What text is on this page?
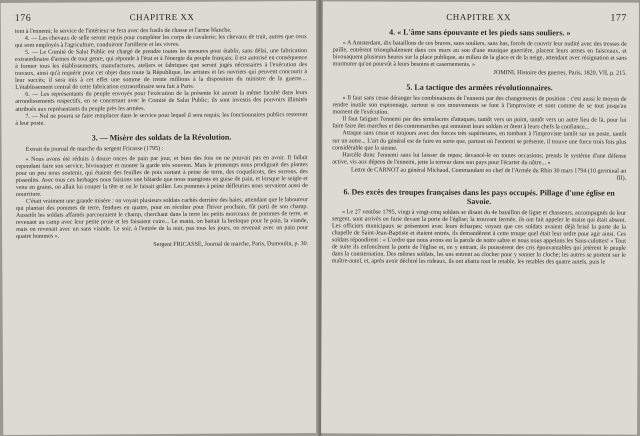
176	CHAPITRE XX

tont à l'ennemi; le service de l'intérieur se fera avec des fusils de chasse et l'arme blanche.

4. — Les chevaux de selle seront requis pour compléter les corps de cavalerie; les chevaux de trait, autres que ceux qui sont employés à l'agriculture, conduiront l'artillerie et les vivres.

5. — Le Comité de Salut Public est chargé de prendre toutes les mesures pour établir, sans délai, une fabrication extraordinaire d'armes de tout genre, qui réponde à l'état et à l'énergie du peuple français; il est autorisé en conséquence à former tous les établissements, manufactures, ateliers et fabriques que seront jugés nécessaires à l'exécution des travaux, ainsi qu'à requérir pour cet objet dans toute la République, les artistes et les ouvriers qui peuvent concourir à leur succès; il sera mis à cet effet une somme de trente millions à la disposition du ministre de la guerre.... L'établissement central de cette fabrication extraordinaire sera fait à Paris.

6. — Les représentants du peuple envoyés pour l'exécution de la présente loi auront la même faculté dans leurs arrondissements respectifs, en se concertant avec le Comité de Salut Public; ils sont investis des pouvoirs illimités attribués aux représentants du peuple près les armées.

7. — Nul ne pourra se faire remplacer dans le service pour lequel il sera requis; les fonctionnaires publics resteront à leur poste.

3. — Misère des soldats de la Révolution.

Extrait du journal de marche du sergent Fricasse (1795) :

« Nous avons été réduits à douze onces de pain par jour, et bien des fois on ne pouvait pas en avoir. Il fallait cependant faire son service, bivouaquer et monter la garde très souvent. Mais le printemps nous prodiguait des plantes pour un peu nous soutenir, qui étaient des feuilles de pois sortant à peine de terre, des coquelicots, des sorrons, des pissenlits. Avec tous ces herbages nous faisions une bâtarde que nous mangions en guise de pain, et lorsque le seigle et venu en grains, on allait lui couper la tête et on le faisait griller. Les pommes à peine défleuries nous servaient aussi de nourriture.

C'était vraiment une grande misère : on voyait plusieurs soldats cachés derrière des haies, attendant que le laboureur qui plantait des pommes de terre, fendues en quatre, pour en récolter pour l'hiver prochain, fût parti de son champ. Aussitôt les soldats affamés parcouraient le champ, cherchant dans la terre les petits morceaux de pommes de terre, et revenant au camp avec leur petite proie et les faisaient cuire... Le matin, on battait la breloque pour le pain, la viande, mais on revenait avec un sans viande. Le soir, à l'entrée de la nuit, pas tous les jours, on revenait avec un pain pour quatre hommes ».

Sergent FRICASSE, Journal de marche, Paris, Dumoulin, p. 30.

CHAPITRE XX	177
4. « L'âme sans épouvante et les pieds sans souliers. »

« A Amsterdam, dix bataillons de ces braves, sans souliers, sans bas, forcés de couvrir leur nudité avec des tresses de paille, entrèrent triomphalement dans ces murs au son d'une musique guerrière, placent leurs armes en faisceaux, et bivouaquent plusieurs heures sur la place publique, au milieu de la glace et de la neige, attendant avec résignation et sans murmurer qu'on pourvût à leurs besoins et casernements. »

JOMINI, Histoire des guerres, Paris, 1820, VII, p. 215.

5. La tactique des armées révolutionnaires.

« Il faut sans cesse déranger les combinaisons de l'ennemi par des changements de position : c'est aussi le moyen de rendre inutile son espionnage, surtout si ces mouvements se font à l'improviste et sont comme de se tout jusqu'au moment de l'exécution.

Il faut fatiguer l'ennemi par des simulacres d'attaques, tantôt vers un point, tantôt vers un autre lieu de là, pour lui faire faire des marches et des contremarches qui ennuient leurs soldats et ôtent à leurs chefs la confiance...

Attaque sans cesse et toujours avec des forces très supérieures, en tombant à l'improviste tantôt sur un poste, tantôt sur un autre... L'art du général est de faire en sorte que, partout où l'ennemi se présente, il trouve une force trois fois plus considérable que la sienne.

Harcèle donc l'ennemi sans lui laisser de repos; devancé-le en toutes occasions; prends le système d'une défense active, vis aux dépens de l'ennemi, jette la terreur dans son pays pour l'écarter du nôtre... »

Lettre de CARNOT au général Michaud, Commandant en chef de l'Armée du Rhin 30 mars 1794 (10 germinal an III).

6. Des excès des troupes françaises dans les pays occupés. Pillage d'une église en Savoie.

« Le 27 ventôse 1795, vingt à vingt-cinq soldats se disant du 4e bataillon de ligne et chasseurs, accompagnés de leur sergent, sont arrivés en furie devant la porte de l'église; la trouvant fermée, ils ont fait appeler le maire qui était absent. Les officiers municipaux se présentent avec leurs écharpes; voyant que ces soldats avaient déjà brisé la porte de la chapelle de Saint-Jean-Baptiste et étaient entrés, ils demandèrent à cette troupe quel était leur ordre pour agir ainsi. Ces soldats répondirent : « L'ordre que nous avons est la parole de notre sabre et nous nous appelons les Sans-culottes! » Tout de suite ils enfoncèrent la porte de l'église et, en y entrant, ils poussèrent des cris épouvantables qui jetèrent le peuple dans la consternation. Des mêmes soldats, les uns entrent au clocher pour y sonner la cloche; les autres se portent sur le maître-autel, et, après avoir déchiré les rideaux, ils ont abattu tout le retable, les retables des quatre autels, puis le
